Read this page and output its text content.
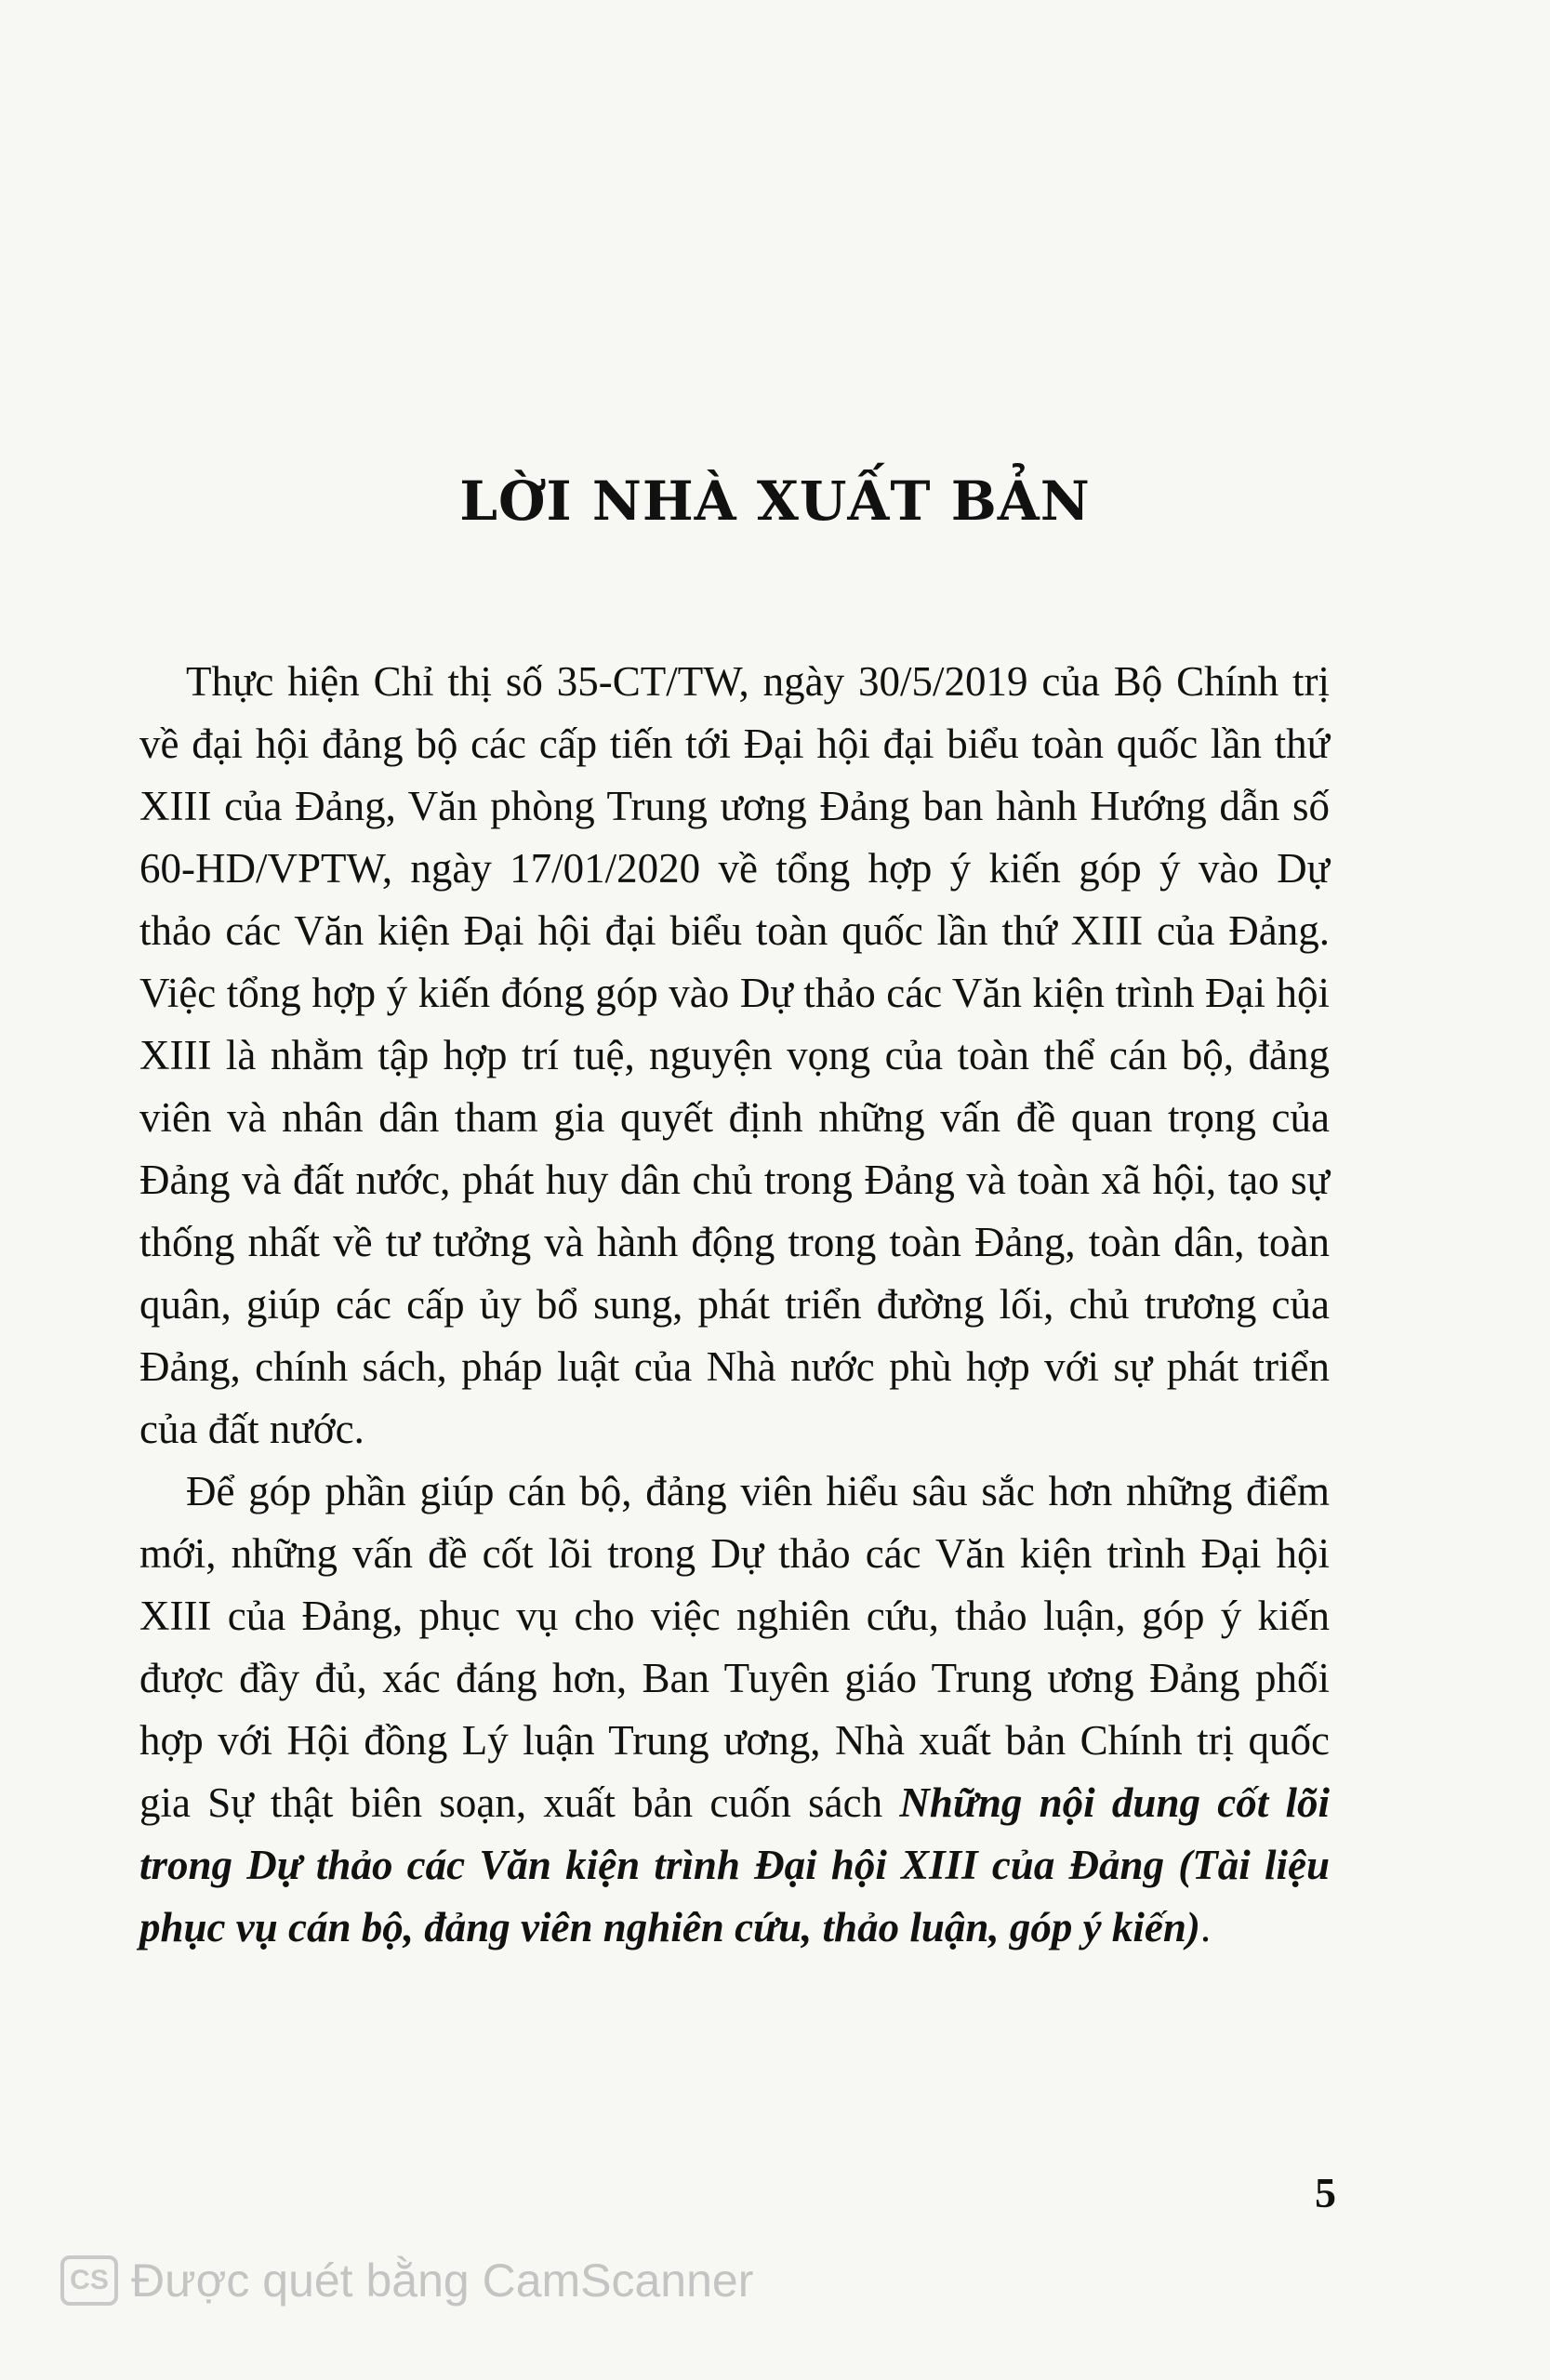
LỜI NHÀ XUẤT BẢN

Thực hiện Chỉ thị số 35-CT/TW, ngày 30/5/2019 của Bộ Chính trị về đại hội đảng bộ các cấp tiến tới Đại hội đại biểu toàn quốc lần thứ XIII của Đảng, Văn phòng Trung ương Đảng ban hành Hướng dẫn số 60-HD/VPTW, ngày 17/01/2020 về tổng hợp ý kiến góp ý vào Dự thảo các Văn kiện Đại hội đại biểu toàn quốc lần thứ XIII của Đảng. Việc tổng hợp ý kiến đóng góp vào Dự thảo các Văn kiện trình Đại hội XIII là nhằm tập hợp trí tuệ, nguyện vọng của toàn thể cán bộ, đảng viên và nhân dân tham gia quyết định những vấn đề quan trọng của Đảng và đất nước, phát huy dân chủ trong Đảng và toàn xã hội, tạo sự thống nhất về tư tưởng và hành động trong toàn Đảng, toàn dân, toàn quân, giúp các cấp ủy bổ sung, phát triển đường lối, chủ trương của Đảng, chính sách, pháp luật của Nhà nước phù hợp với sự phát triển của đất nước.

Để góp phần giúp cán bộ, đảng viên hiểu sâu sắc hơn những điểm mới, những vấn đề cốt lõi trong Dự thảo các Văn kiện trình Đại hội XIII của Đảng, phục vụ cho việc nghiên cứu, thảo luận, góp ý kiến được đầy đủ, xác đáng hơn, Ban Tuyên giáo Trung ương Đảng phối hợp với Hội đồng Lý luận Trung ương, Nhà xuất bản Chính trị quốc gia Sự thật biên soạn, xuất bản cuốn sách Những nội dung cốt lõi trong Dự thảo các Văn kiện trình Đại hội XIII của Đảng (Tài liệu phục vụ cán bộ, đảng viên nghiên cứu, thảo luận, góp ý kiến).

5
CS Được quét bằng CamScanner
